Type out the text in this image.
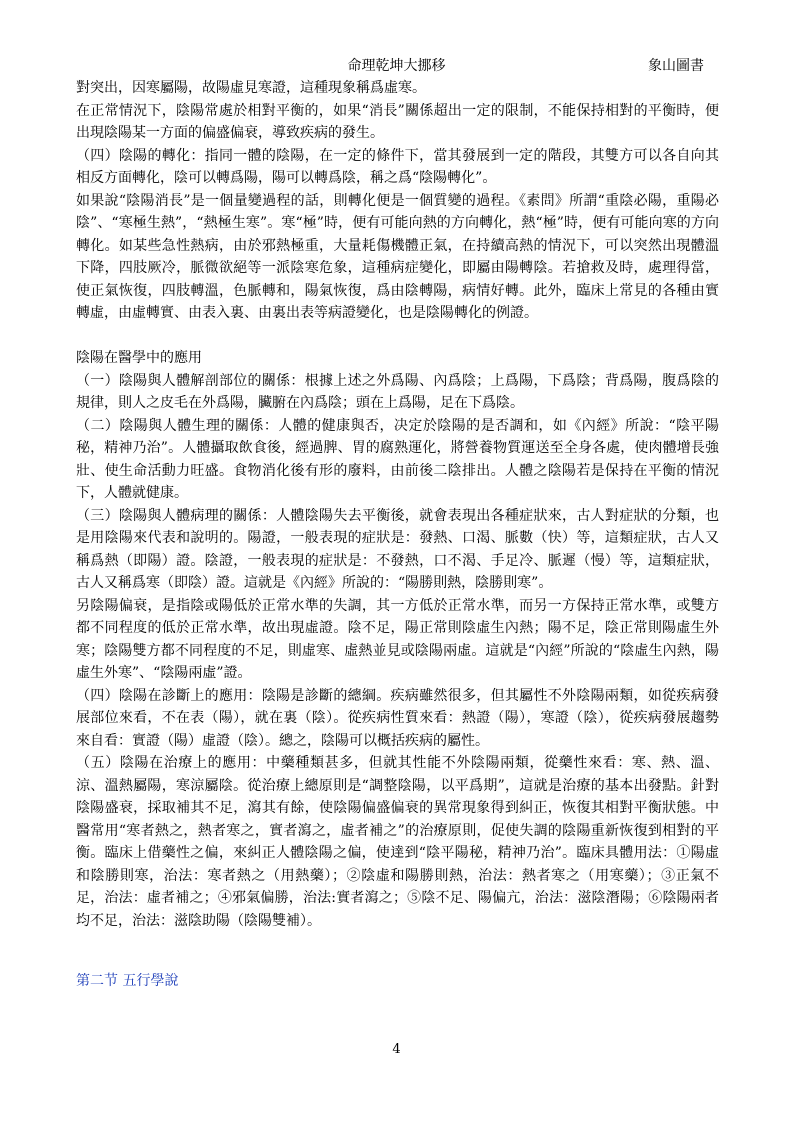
命理乾坤大挪移	象山圖書

對突出，因寒屬陽，故陽虛見寒證，這種現象稱爲虛寒。

在正常情況下，陰陽常處於相對平衡的，如果“消長”關係超出一定的限制，不能保持相對的平衡時，便出現陰陽某一方面的偏盛偏衰，導致疾病的發生。

（四）陰陽的轉化：指同一體的陰陽，在一定的條件下，當其發展到一定的階段，其雙方可以各自向其相反方面轉化，陰可以轉爲陽，陽可以轉爲陰，稱之爲“陰陽轉化”。

如果說“陰陽消長”是一個量變過程的話，則轉化便是一個質變的過程。《素問》所謂“重陰必陽，重陽必陰”、“寒極生熱”，“熱極生寒”。寒“極”時，便有可能向熱的方向轉化，熱“極”時，便有可能向寒的方向轉化。如某些急性熱病，由於邪熱極重，大量耗傷機體正氣，在持續高熱的情況下，可以突然出現體溫下降，四肢厥冷，脈微欲絕等一派陰寒危象，這種病症變化，即屬由陽轉陰。若搶救及時，處理得當，使正氣恢復，四肢轉溫，色脈轉和，陽氣恢復，爲由陰轉陽，病情好轉。此外，臨床上常見的各種由實轉虛，由虛轉實、由表入裏、由裏出表等病證變化，也是陰陽轉化的例證。

陰陽在醫學中的應用

（一）陰陽與人體解剖部位的關係：根據上述之外爲陽、內爲陰；上爲陽，下爲陰；背爲陽，腹爲陰的規律，則人之皮毛在外爲陽，臟腑在內爲陰；頭在上爲陽，足在下爲陰。

（二）陰陽與人體生理的關係：人體的健康與否，决定於陰陽的是否調和，如《內經》所說：“陰平陽秘，精神乃治”。人體攝取飲食後，經過脾、胃的腐熟運化，將營養物質運送至全身各處，使肉體增長強壯、使生命活動力旺盛。食物消化後有形的廢料，由前後二陰排出。人體之陰陽若是保持在平衡的情況下，人體就健康。

（三）陰陽與人體病理的關係：人體陰陽失去平衡後，就會表現出各種症狀來，古人對症狀的分類，也是用陰陽來代表和說明的。陽證，一般表現的症狀是：發熱、口渴、脈數（快）等，這類症狀，古人又稱爲熱（即陽）證。陰證，一般表現的症狀是：不發熱，口不渴、手足冷、脈遲（慢）等，這類症狀，古人又稱爲寒（即陰）證。這就是《內經》所說的：“陽勝則熱，陰勝則寒”。

另陰陽偏衰，是指陰或陽低於正常水準的失調，其一方低於正常水準，而另一方保持正常水準，或雙方都不同程度的低於正常水準，故出現虛證。陰不足，陽正常則陰虛生內熱；陽不足，陰正常則陽虛生外寒；陰陽雙方都不同程度的不足，則虛寒、虛熱並見或陰陽兩虛。這就是“內經”所說的“陰虛生內熱，陽虛生外寒”、“陰陽兩虛”證。

（四）陰陽在診斷上的應用：陰陽是診斷的總綱。疾病雖然很多，但其屬性不外陰陽兩類，如從疾病發展部位來看，不在表（陽），就在裏（陰）。從疾病性質來看：熱證（陽），寒證（陰），從疾病發展趨勢來自看：實證（陽）虛證（陰）。總之，陰陽可以概括疾病的屬性。

（五）陰陽在治療上的應用：中藥種類甚多，但就其性能不外陰陽兩類，從藥性來看：寒、熱、溫、涼、溫熱屬陽，寒涼屬陰。從治療上總原則是“調整陰陽，以平爲期”，這就是治療的基本出發點。針對陰陽盛衰，採取補其不足，瀉其有餘，使陰陽偏盛偏衰的異常現象得到糾正，恢復其相對平衡狀態。中醫常用“寒者熱之，熱者寒之，實者瀉之，虛者補之”的治療原則，促使失調的陰陽重新恢復到相對的平衡。臨床上借藥性之偏，來糾正人體陰陽之偏，使達到“陰平陽秘，精神乃治”。臨床具體用法：①陽虛和陰勝則寒，治法：寒者熱之（用熱藥）；②陰虛和陽勝則熱，治法：熱者寒之（用寒藥）；③正氣不足，治法：虛者補之；④邪氣偏勝，治法:實者瀉之；⑤陰不足、陽偏亢，治法：滋陰潛陽；⑥陰陽兩者均不足，治法：滋陰助陽（陰陽雙補）。

第二节 五行學說
4
